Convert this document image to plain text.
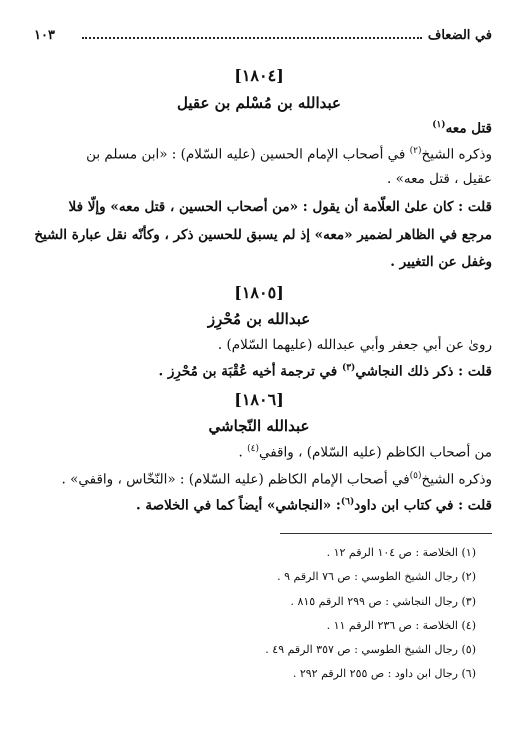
في الضعاف
١٠٣
[١٨٠٤]
عبدالله بن مُسْلم بن عقيل
قتل معه$^{(١)}$
وذكره الشيخ$^{(٢)}$ في أصحاب الإمام الحسين (عليه السّلام) : «ابن مسلم بن
عقيل ، قتل معه» .
قلت : كان علىٰ العلّامة أن يقول : «من أصحاب الحسين ، قتل معه» وإلّا فلا
مرجع في الظاهر لضمير «معه» إذ لم يسبق للحسين ذكر ، وكأنّه نقل عبارة الشيخ
وغفل عن التغيير .
[١٨٠٥]
عبدالله بن مُحْرِز
روىٰ عن أبي جعفر وأبي عبدالله (عليهما السّلام) .
قلت : ذكر ذلك النجاشي$^{(٣)}$ في ترجمة أخيه عُقْبَة بن مُحْرِز .
[١٨٠٦]
عبدالله النّجاشي
من أصحاب الكاظم (عليه السّلام) ، واقفي$^{(٤)}$ .
وذكره الشيخ$^{(٥)}$في أصحاب الإمام الكاظم (عليه السّلام) : «النّخّاس ، واقفي» .
قلت : في كتاب ابن داود$^{(٦)}$: «النجاشي» أيضاً كما في الخلاصة .
(١) الخلاصة : ص ١٠٤ الرقم ١٢ .
(٢) رجال الشيخ الطوسي : ص ٧٦ الرقم ٩ .
(٣) رجال النجاشي : ص ٢٩٩ الرقم ٨١٥ .
(٤) الخلاصة : ص ٢٣٦ الرقم ١١ .
(٥) رجال الشيخ الطوسي : ص ٣٥٧ الرقم ٤٩ .
(٦) رجال ابن داود : ص ٢٥٥ الرقم ٢٩٢ .
